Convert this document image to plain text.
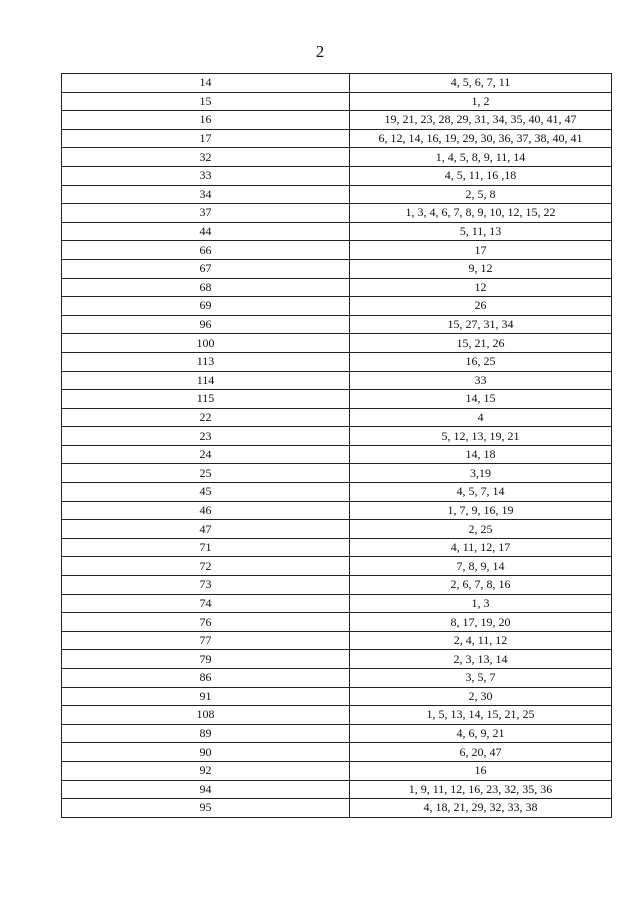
2
14	4, 5, 6, 7, 11
15	1, 2
16	19, 21, 23, 28, 29, 31, 34, 35, 40, 41, 47
17	6, 12, 14, 16, 19, 29, 30, 36, 37, 38, 40, 41
32	1, 4, 5, 8, 9, 11, 14
33	4, 5, 11, 16 ,18
34	2, 5, 8
37	1, 3, 4, 6, 7, 8, 9, 10, 12, 15, 22
44	5, 11, 13
66	17
67	9, 12
68	12
69	26
96	15, 27, 31, 34
100	15, 21, 26
113	16, 25
114	33
115	14, 15
22	4
23	5, 12, 13, 19, 21
24	14, 18
25	3,19
45	4, 5, 7, 14
46	1, 7, 9, 16, 19
47	2, 25
71	4, 11, 12, 17
72	7, 8, 9, 14
73	2, 6, 7, 8, 16
74	1, 3
76	8, 17, 19, 20
77	2, 4, 11, 12
79	2, 3, 13, 14
86	3, 5, 7
91	2, 30
108	1, 5, 13, 14, 15, 21, 25
89	4, 6, 9, 21
90	6, 20, 47
92	16
94	1, 9, 11, 12, 16, 23, 32, 35, 36
95	4, 18, 21, 29, 32, 33, 38
